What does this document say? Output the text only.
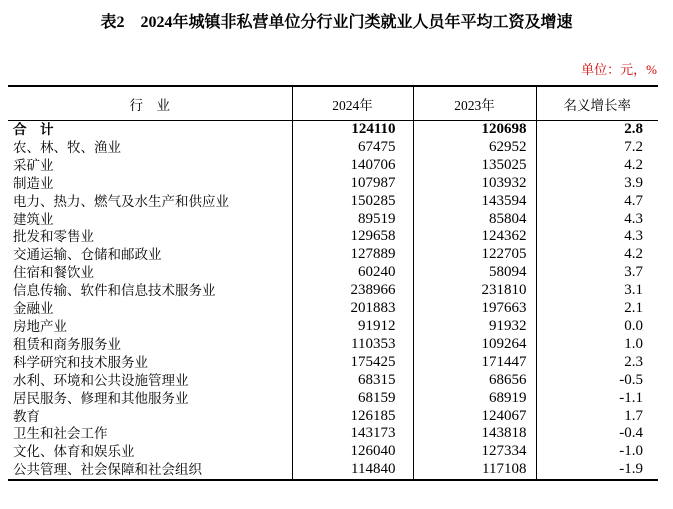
表2　2024年城镇非私营单位分行业门类就业人员年平均工资及增速
单位：元，%
行　业	2024年	2023年	名义增长率
合　计	124110	120698	2.8
农、林、牧、渔业	67475	62952	7.2
采矿业	140706	135025	4.2
制造业	107987	103932	3.9
电力、热力、燃气及水生产和供应业	150285	143594	4.7
建筑业	89519	85804	4.3
批发和零售业	129658	124362	4.3
交通运输、仓储和邮政业	127889	122705	4.2
住宿和餐饮业	60240	58094	3.7
信息传输、软件和信息技术服务业	238966	231810	3.1
金融业	201883	197663	2.1
房地产业	91912	91932	0.0
租赁和商务服务业	110353	109264	1.0
科学研究和技术服务业	175425	171447	2.3
水利、环境和公共设施管理业	68315	68656	-0.5
居民服务、修理和其他服务业	68159	68919	-1.1
教育	126185	124067	1.7
卫生和社会工作	143173	143818	-0.4
文化、体育和娱乐业	126040	127334	-1.0
公共管理、社会保障和社会组织	114840	117108	-1.9
